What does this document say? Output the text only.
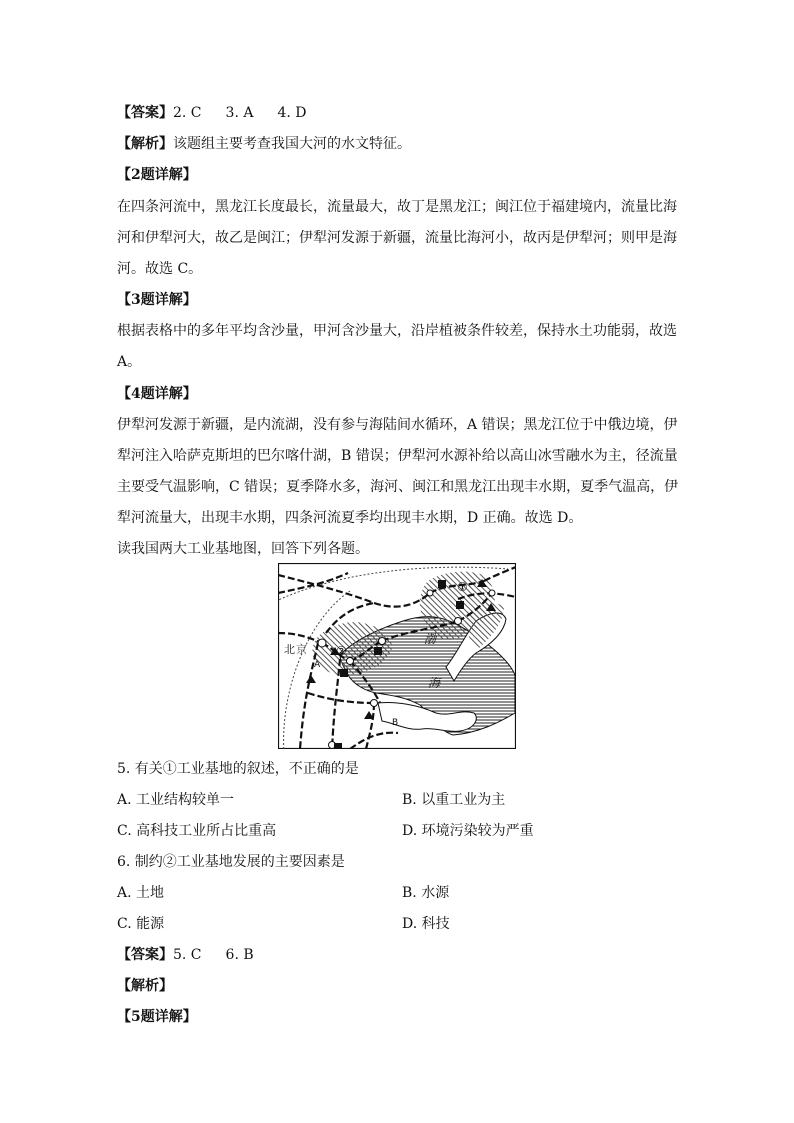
【答案】2. C 3. A 4. D
【解析】该题组主要考查我国大河的水文特征。
【2题详解】
在四条河流中，黑龙江长度最长，流量最大，故丁是黑龙江；闽江位于福建境内，流量比海
河和伊犁河大，故乙是闽江；伊犁河发源于新疆，流量比海河小，故丙是伊犁河；则甲是海
河。故选 C。
【3题详解】
根据表格中的多年平均含沙量，甲河含沙量大，沿岸植被条件较差，保持水土功能弱，故选
A。
【4题详解】
伊犁河发源于新疆，是内流湖，没有参与海陆间水循环，A 错误；黑龙江位于中俄边境，伊
犁河注入哈萨克斯坦的巴尔喀什湖，B 错误；伊犁河水源补给以高山冰雪融水为主，径流量
主要受气温影响，C 错误；夏季降水多，海河、闽江和黑龙江出现丰水期，夏季气温高，伊
犁河流量大，出现丰水期，四条河流夏季均出现丰水期，D 正确。故选 D。
读我国两大工业基地图，回答下列各题。
北 京
渤
海
①
②
A
B
5. 有关①工业基地的叙述，不正确的是
A. 工业结构较单一	B. 以重工业为主
C. 高科技工业所占比重高	D. 环境污染较为严重
6. 制约②工业基地发展的主要因素是
A. 土地	B. 水源
C. 能源	D. 科技
【答案】5. C 6. B
【解析】
【5题详解】
